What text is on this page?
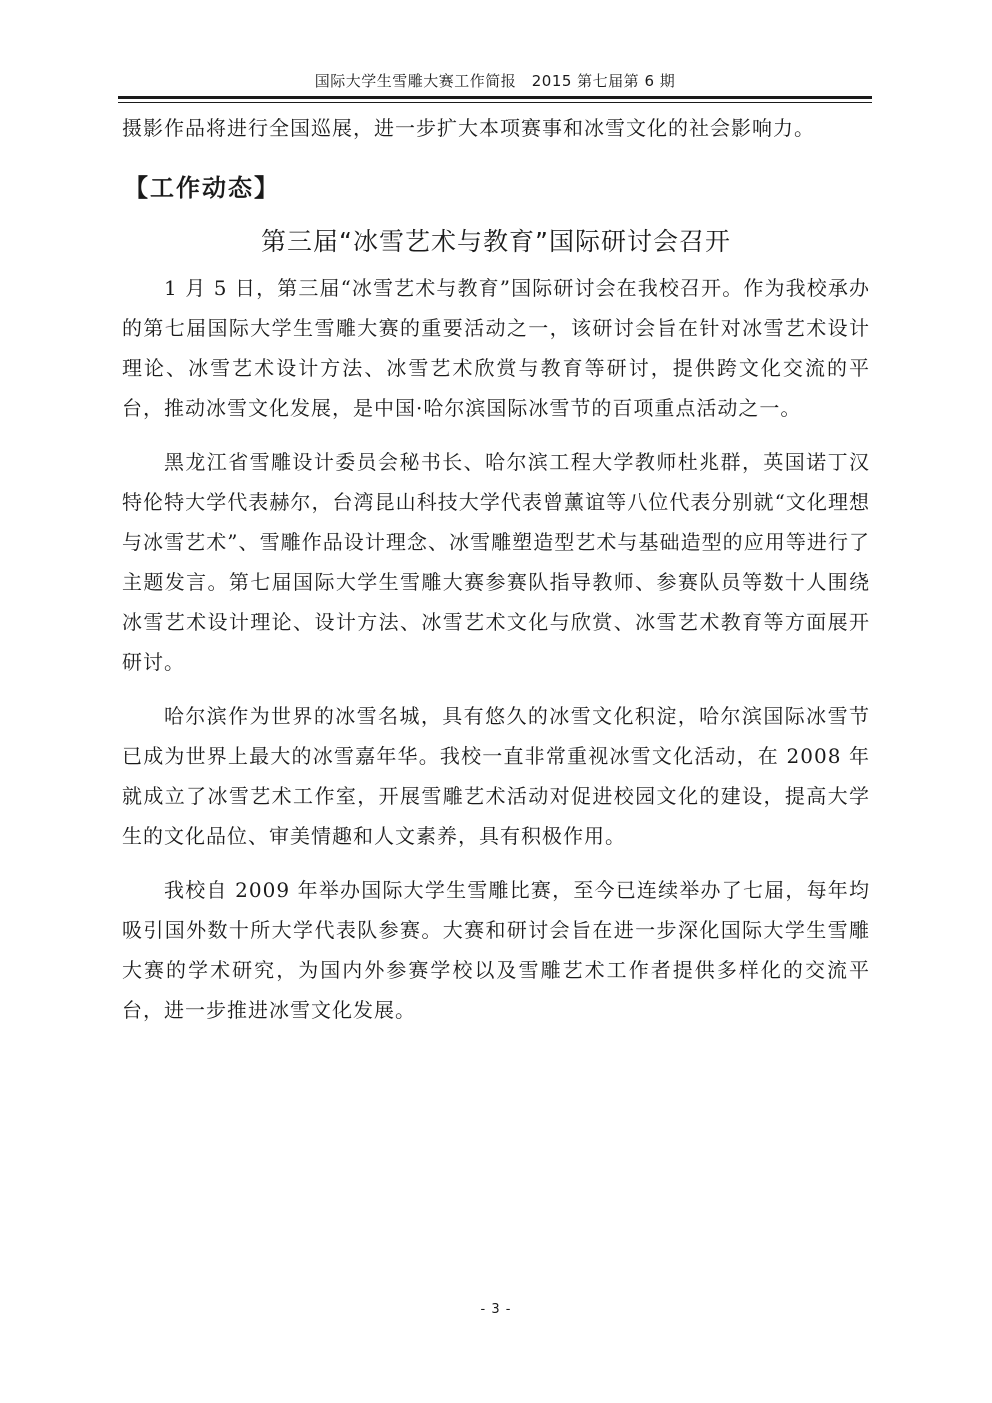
国际大学生雪雕大赛工作简报　2015 第七届第 6 期

摄影作品将进行全国巡展，进一步扩大本项赛事和冰雪文化的社会影响力。

【工作动态】
第三届“冰雪艺术与教育”国际研讨会召开

1 月 5 日，第三届“冰雪艺术与教育”国际研讨会在我校召开。作为我校承办的第七届国际大学生雪雕大赛的重要活动之一，该研讨会旨在针对冰雪艺术设计理论、冰雪艺术设计方法、冰雪艺术欣赏与教育等研讨，提供跨文化交流的平台，推动冰雪文化发展，是中国·哈尔滨国际冰雪节的百项重点活动之一。

黑龙江省雪雕设计委员会秘书长、哈尔滨工程大学教师杜兆群，英国诺丁汉特伦特大学代表赫尔，台湾昆山科技大学代表曾薰谊等八位代表分别就“文化理想与冰雪艺术”、雪雕作品设计理念、冰雪雕塑造型艺术与基础造型的应用等进行了主题发言。第七届国际大学生雪雕大赛参赛队指导教师、参赛队员等数十人围绕冰雪艺术设计理论、设计方法、冰雪艺术文化与欣赏、冰雪艺术教育等方面展开研讨。

哈尔滨作为世界的冰雪名城，具有悠久的冰雪文化积淀，哈尔滨国际冰雪节已成为世界上最大的冰雪嘉年华。我校一直非常重视冰雪文化活动，在 2008 年就成立了冰雪艺术工作室，开展雪雕艺术活动对促进校园文化的建设，提高大学生的文化品位、审美情趣和人文素养，具有积极作用。

我校自 2009 年举办国际大学生雪雕比赛，至今已连续举办了七届，每年均吸引国外数十所大学代表队参赛。大赛和研讨会旨在进一步深化国际大学生雪雕大赛的学术研究，为国内外参赛学校以及雪雕艺术工作者提供多样化的交流平台，进一步推进冰雪文化发展。

- 3 -
